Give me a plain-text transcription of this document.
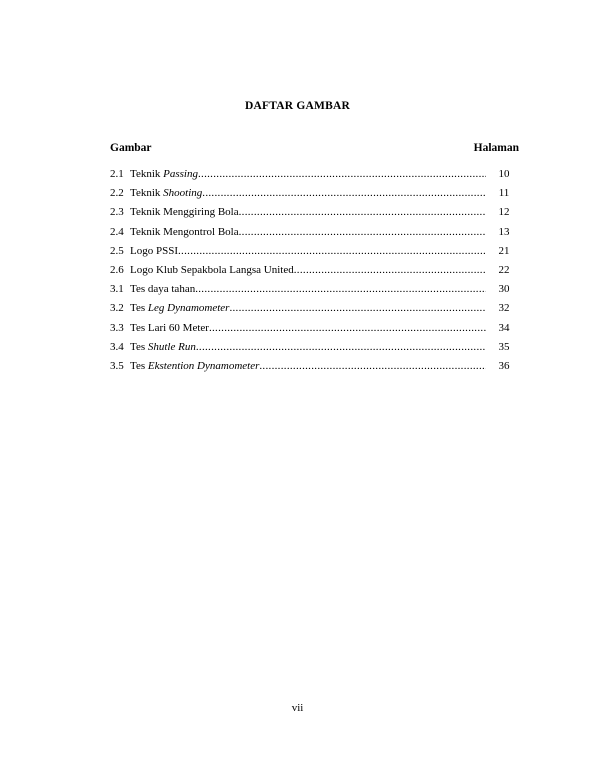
DAFTAR GAMBAR
Gambar	Halaman
2.1 Teknik Passing .....	10
2.2 Teknik Shooting .....	11
2.3 Teknik Menggiring Bola .....	12
2.4 Teknik Mengontrol Bola .....	13
2.5 Logo PSSI .....	21
2.6 Logo Klub Sepakbola Langsa United .....	22
3.1 Tes daya tahan .....	30
3.2 Tes Leg Dynamometer .....	32
3.3 Tes Lari 60 Meter .....	34
3.4 Tes Shutle Run .....	35
3.5 Tes Ekstention Dynamometer .....	36
vii
